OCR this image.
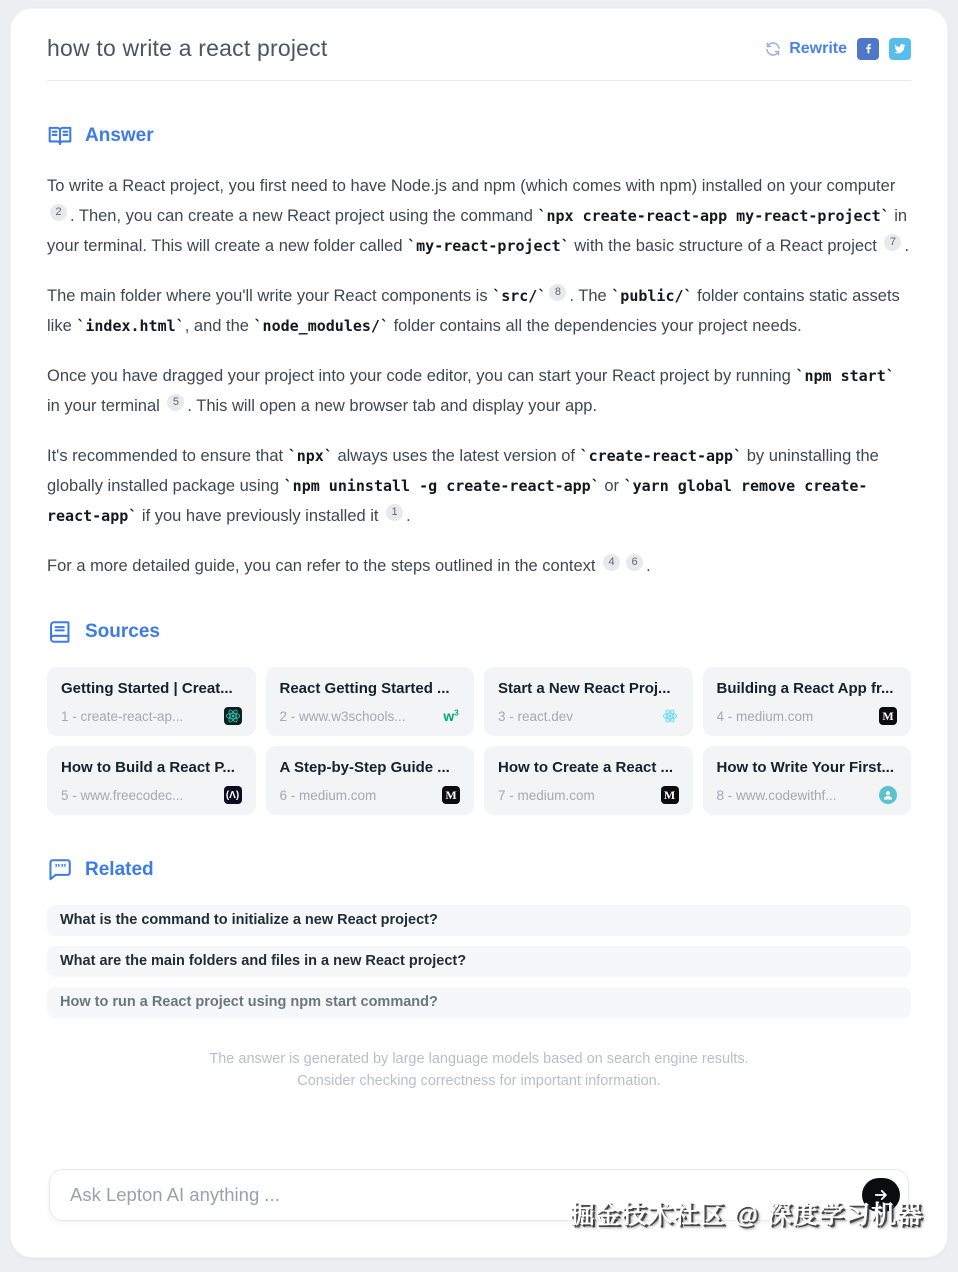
how to write a react project	Rewrite
Answer

To write a React project, you first need to have Node.js and npm (which comes with npm) installed on your computer 2 . Then, you can create a new React project using the command `npx create-react-app my-react-project` in your terminal. This will create a new folder called `my-react-project` with the basic structure of a React project 7 .

The main folder where you'll write your React components is `src/` 8 . The `public/` folder contains static assets like `index.html`, and the `node_modules/` folder contains all the dependencies your project needs.

Once you have dragged your project into your code editor, you can start your React project by running `npm start` in your terminal 5 . This will open a new browser tab and display your app.

It's recommended to ensure that `npx` always uses the latest version of `create-react-app` by uninstalling the globally installed package using `npm uninstall -g create-react-app` or `yarn global remove create-react-app` if you have previously installed it 1 .

For a more detailed guide, you can refer to the steps outlined in the context 4 6 .

Sources
Getting Started | Creat...
1 - create-react-ap...
React Getting Started ...
2 - www.w3schools...	$w^3$
Start a New React Proj...
3 - react.dev
Building a React App fr...
4 - medium.com	M
How to Build a React P...
5 - www.freecodec...	(Λ)
A Step-by-Step Guide ...
6 - medium.com	M
How to Create a React ...
7 - medium.com	M
How to Write Your First...
8 - www.codewithf...
”” Related
What is the command to initialize a new React project?
What are the main folders and files in a new React project?
How to run a React project using npm start command?
The answer is generated by large language models based on search engine results.
Consider checking correctness for important information.
Ask Lepton AI anything ...
掘金技术社区 @ 深度学习机器
